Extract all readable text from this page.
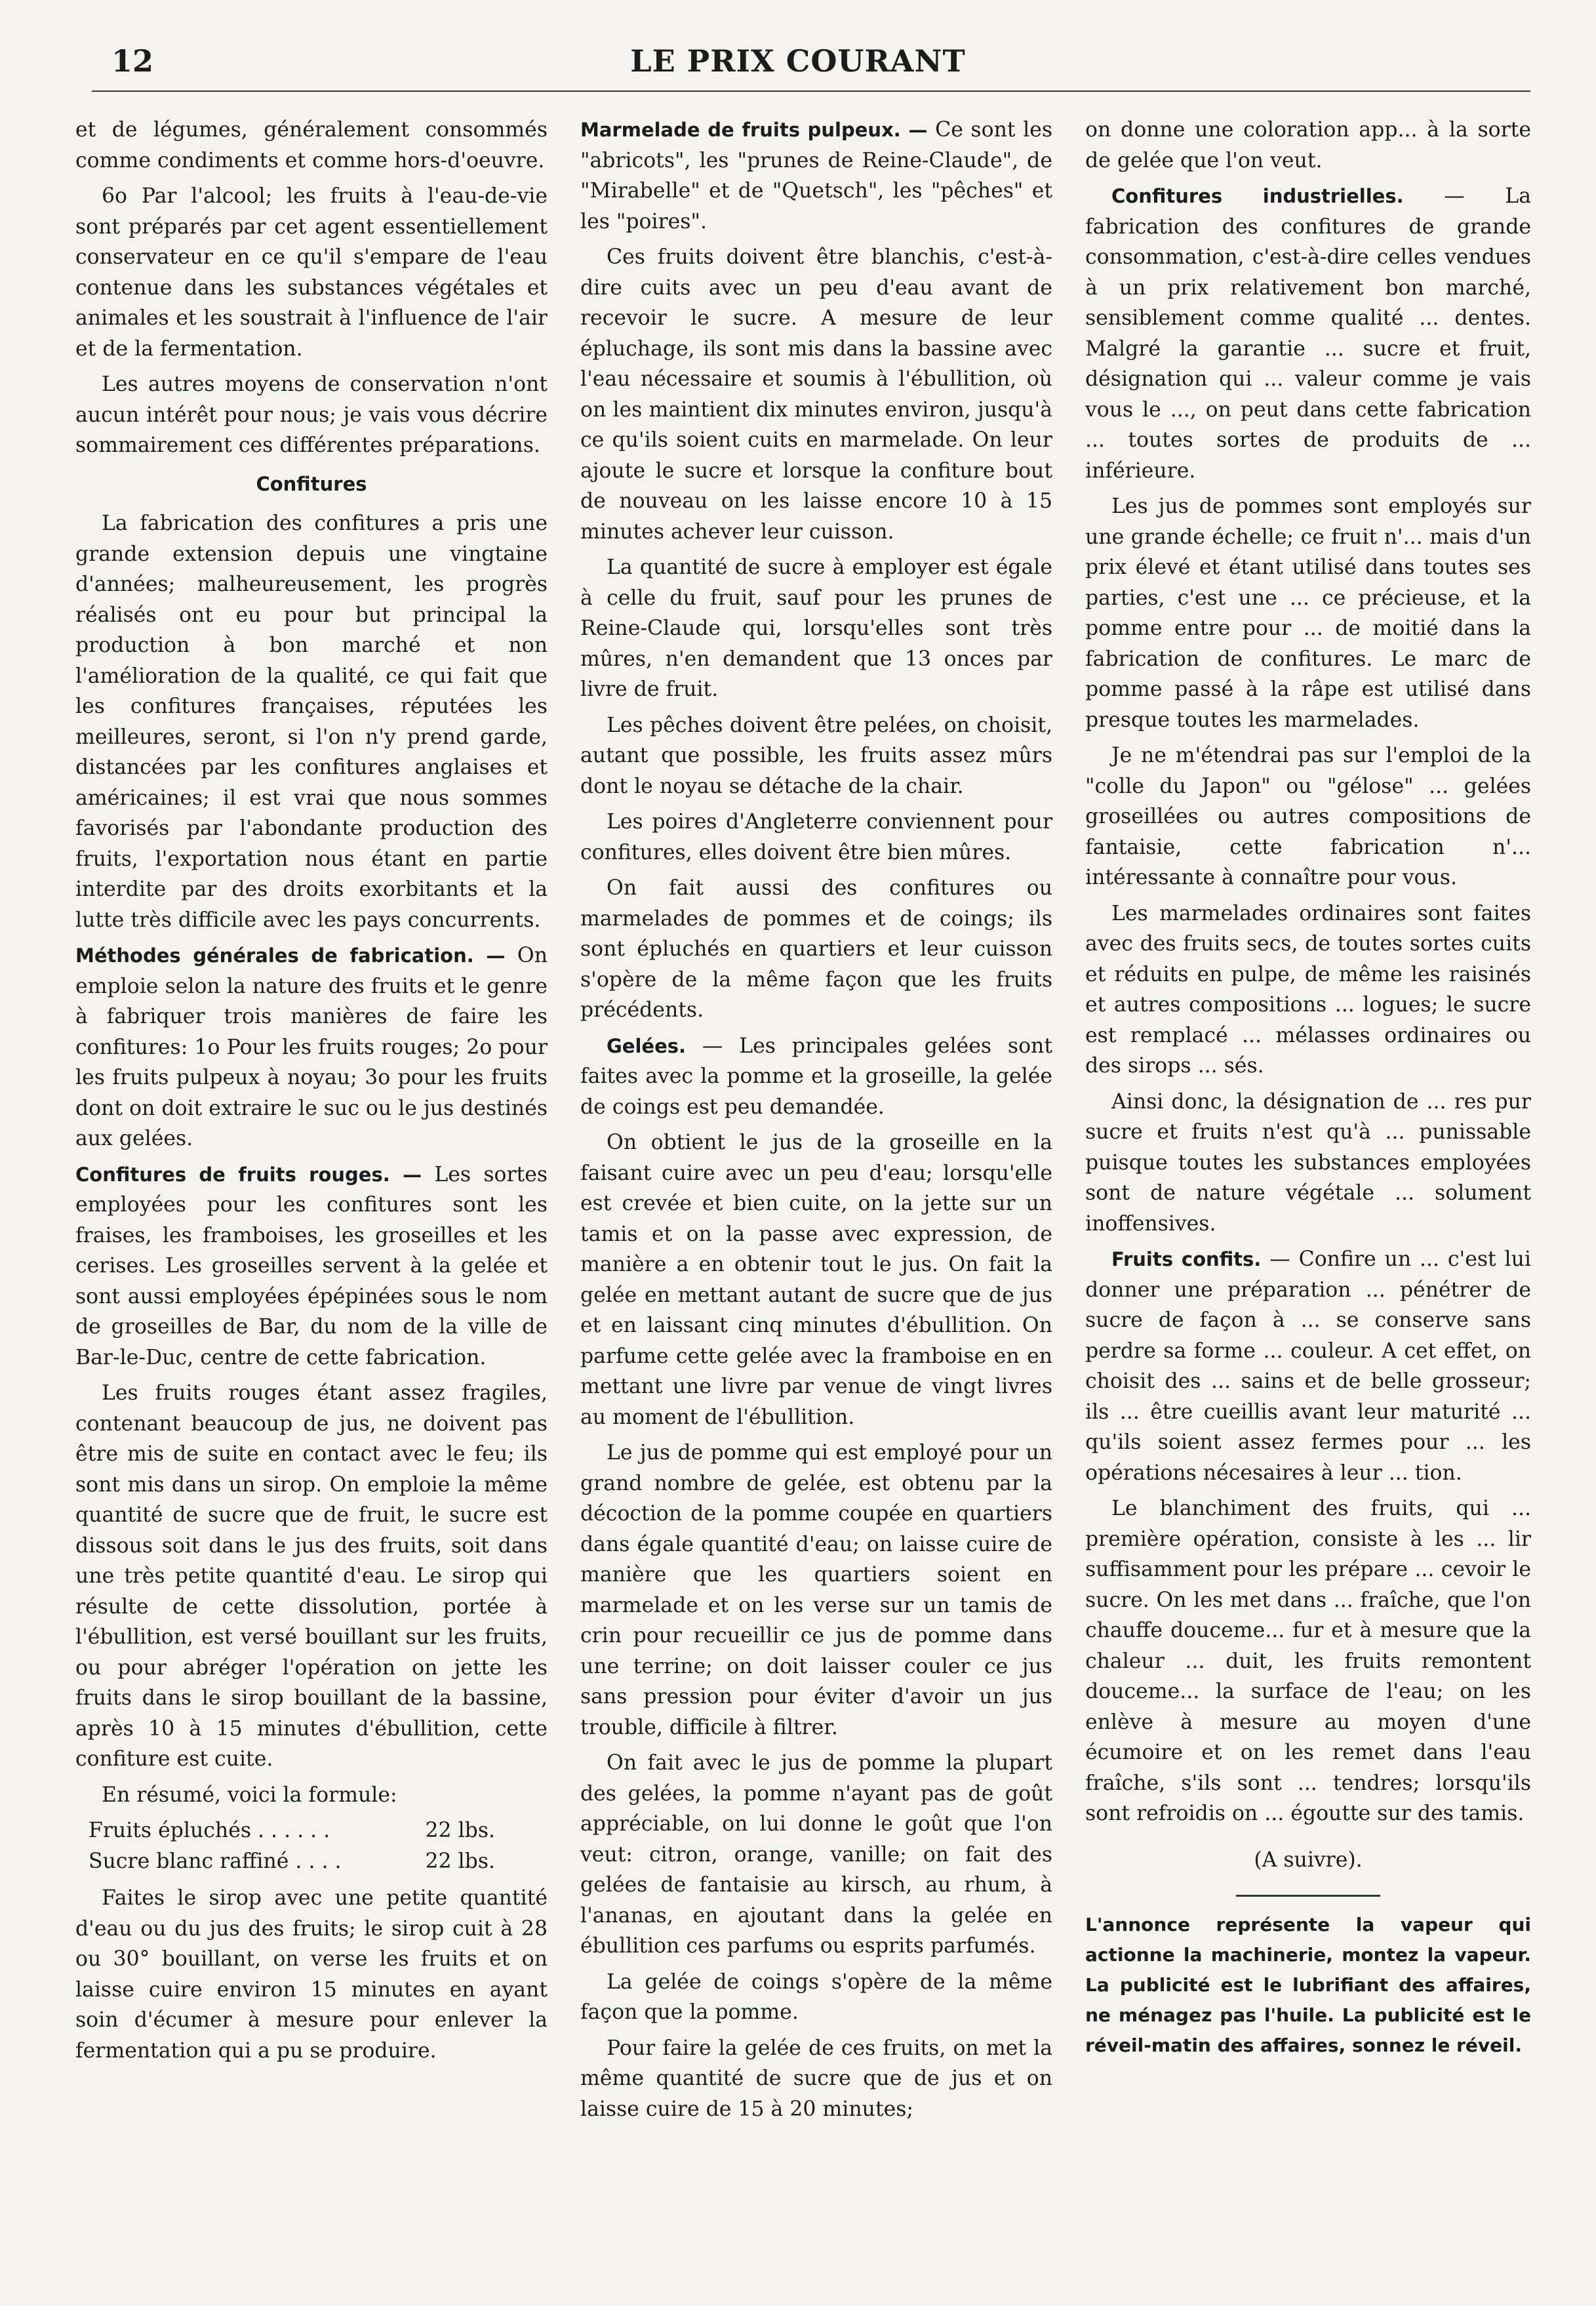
12	LE PRIX COURANT

et de légumes, généralement consommés comme condiments et comme hors-d'oeuvre.

6o Par l'alcool; les fruits à l'eau-de-vie sont préparés par cet agent essentiellement conservateur en ce qu'il s'empare de l'eau contenue dans les substances végétales et animales et les soustrait à l'influence de l'air et de la fermentation.

Les autres moyens de conservation n'ont aucun intérêt pour nous; je vais vous décrire sommairement ces différentes préparations.

Confitures

La fabrication des confitures a pris une grande extension depuis une vingtaine d'années; malheureusement, les progrès réalisés ont eu pour but principal la production à bon marché et non l'amélioration de la qualité, ce qui fait que les confitures françaises, réputées les meilleures, seront, si l'on n'y prend garde, distancées par les confitures anglaises et américaines; il est vrai que nous sommes favorisés par l'abondante production des fruits, l'exportation nous étant en partie interdite par des droits exorbitants et la lutte très difficile avec les pays concurrents.

Méthodes générales de fabrication. — On emploie selon la nature des fruits et le genre à fabriquer trois manières de faire les confitures: 1o Pour les fruits rouges; 2o pour les fruits pulpeux à noyau; 3o pour les fruits dont on doit extraire le suc ou le jus destinés aux gelées.

Confitures de fruits rouges. — Les sortes employées pour les confitures sont les fraises, les framboises, les groseilles et les cerises. Les groseilles servent à la gelée et sont aussi employées épépinées sous le nom de groseilles de Bar, du nom de la ville de Bar-le-Duc, centre de cette fabrication.

Les fruits rouges étant assez fragiles, contenant beaucoup de jus, ne doivent pas être mis de suite en contact avec le feu; ils sont mis dans un sirop. On emploie la même quantité de sucre que de fruit, le sucre est dissous soit dans le jus des fruits, soit dans une très petite quantité d'eau. Le sirop qui résulte de cette dissolution, portée à l'ébullition, est versé bouillant sur les fruits, ou pour abréger l'opération on jette les fruits dans le sirop bouillant de la bassine, après 10 à 15 minutes d'ébullition, cette confiture est cuite.

En résumé, voici la formule:

Fruits épluchés . . . . . .	22 lbs.
Sucre blanc raffiné . . . .	22 lbs.

Faites le sirop avec une petite quantité d'eau ou du jus des fruits; le sirop cuit à 28 ou 30° bouillant, on verse les fruits et on laisse cuire environ 15 minutes en ayant soin d'écumer à mesure pour enlever la fermentation qui a pu se produire.

Marmelade de fruits pulpeux. — Ce sont les "abricots", les "prunes de Reine-Claude", de "Mirabelle" et de "Quetsch", les "pêches" et les "poires".

Ces fruits doivent être blanchis, c'est-à-dire cuits avec un peu d'eau avant de recevoir le sucre. A mesure de leur épluchage, ils sont mis dans la bassine avec l'eau nécessaire et soumis à l'ébullition, où on les maintient dix minutes environ, jusqu'à ce qu'ils soient cuits en marmelade. On leur ajoute le sucre et lorsque la confiture bout de nouveau on les laisse encore 10 à 15 minutes achever leur cuisson.

La quantité de sucre à employer est égale à celle du fruit, sauf pour les prunes de Reine-Claude qui, lorsqu'elles sont très mûres, n'en demandent que 13 onces par livre de fruit.

Les pêches doivent être pelées, on choisit, autant que possible, les fruits assez mûrs dont le noyau se détache de la chair.

Les poires d'Angleterre conviennent pour confitures, elles doivent être bien mûres.

On fait aussi des confitures ou marmelades de pommes et de coings; ils sont épluchés en quartiers et leur cuisson s'opère de la même façon que les fruits précédents.

Gelées. — Les principales gelées sont faites avec la pomme et la groseille, la gelée de coings est peu demandée.

On obtient le jus de la groseille en la faisant cuire avec un peu d'eau; lorsqu'elle est crevée et bien cuite, on la jette sur un tamis et on la passe avec expression, de manière a en obtenir tout le jus. On fait la gelée en mettant autant de sucre que de jus et en laissant cinq minutes d'ébullition. On parfume cette gelée avec la framboise en en mettant une livre par venue de vingt livres au moment de l'ébullition.

Le jus de pomme qui est employé pour un grand nombre de gelée, est obtenu par la décoction de la pomme coupée en quartiers dans égale quantité d'eau; on laisse cuire de manière que les quartiers soient en marmelade et on les verse sur un tamis de crin pour recueillir ce jus de pomme dans une terrine; on doit laisser couler ce jus sans pression pour éviter d'avoir un jus trouble, difficile à filtrer.

On fait avec le jus de pomme la plupart des gelées, la pomme n'ayant pas de goût appréciable, on lui donne le goût que l'on veut: citron, orange, vanille; on fait des gelées de fantaisie au kirsch, au rhum, à l'ananas, en ajoutant dans la gelée en ébullition ces parfums ou esprits parfumés.

La gelée de coings s'opère de la même façon que la pomme.

Pour faire la gelée de ces fruits, on met la même quantité de sucre que de jus et on laisse cuire de 15 à 20 minutes;

on donne une coloration app... à la sorte de gelée que l'on veut.

Confitures industrielles. — La fabrication des confitures de grande consommation, c'est-à-dire celles vendues à un prix relativement bon marché, sensiblement comme qualité ... dentes. Malgré la garantie ... sucre et fruit, désignation qui ... valeur comme je vais vous le ..., on peut dans cette fabrication ... toutes sortes de produits de ... inférieure.

Les jus de pommes sont employés sur une grande échelle; ce fruit n'... mais d'un prix élevé et étant utilisé dans toutes ses parties, c'est une ... ce précieuse, et la pomme entre pour ... de moitié dans la fabrication de confitures. Le marc de pomme passé à la râpe est utilisé dans presque toutes les marmelades.

Je ne m'étendrai pas sur l'emploi de la "colle du Japon" ou "gélose" ... gelées groseillées ou autres compositions de fantaisie, cette fabrication n'... intéressante à connaître pour vous.

Les marmelades ordinaires sont faites avec des fruits secs, de toutes sortes cuits et réduits en pulpe, de même les raisinés et autres compositions ... logues; le sucre est remplacé ... mélasses ordinaires ou des sirops ... sés.

Ainsi donc, la désignation de ... res pur sucre et fruits n'est qu'à ... punissable puisque toutes les substances employées sont de nature végétale ... solument inoffensives.

Fruits confits. — Confire un ... c'est lui donner une préparation ... pénétrer de sucre de façon à ... se conserve sans perdre sa forme ... couleur. A cet effet, on choisit des ... sains et de belle grosseur; ils ... être cueillis avant leur maturité ... qu'ils soient assez fermes pour ... les opérations nécesaires à leur ... tion.

Le blanchiment des fruits, qui ... première opération, consiste à les ... lir suffisamment pour les prépare ... cevoir le sucre. On les met dans ... fraîche, que l'on chauffe douceme... fur et à mesure que la chaleur ... duit, les fruits remontent douceme... la surface de l'eau; on les enlève à mesure au moyen d'une écumoire et on les remet dans l'eau fraîche, s'ils sont ... tendres; lorsqu'ils sont refroidis on ... égoutte sur des tamis.

(A suivre).
L'annonce représente la vapeur qui actionne la machinerie, montez la vapeur. La publicité est le lubrifiant des affaires, ne ménagez pas l'huile. La publicité est le réveil-matin des affaires, sonnez le réveil.
